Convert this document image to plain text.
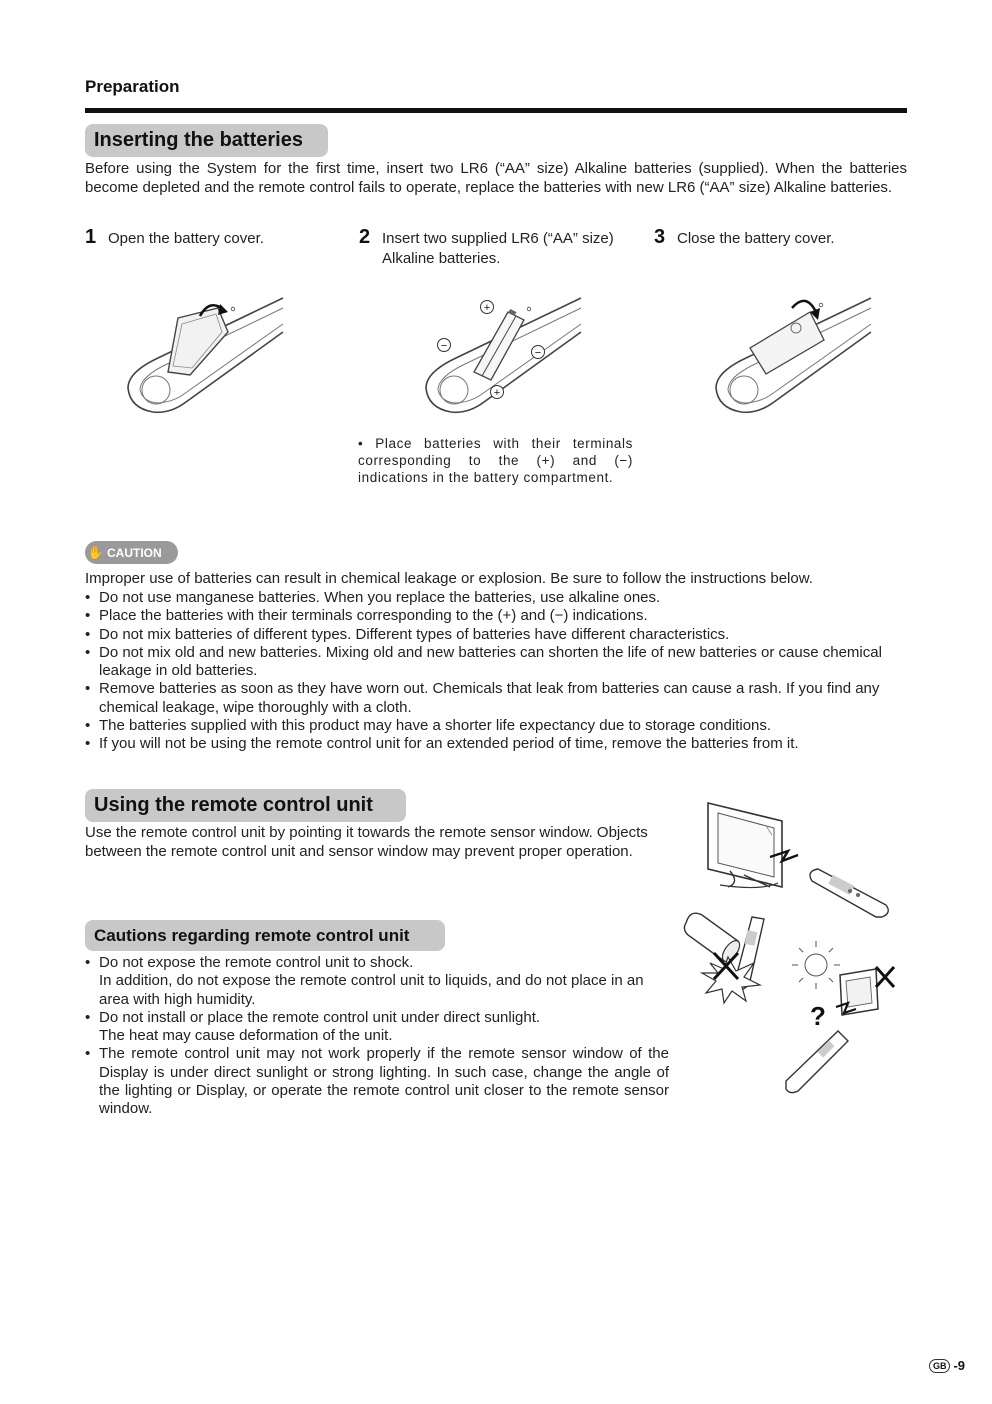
Preparation
Inserting the batteries
Before using the System for the first time, insert two LR6 (“AA” size) Alkaline batteries (supplied). When the batteries become depleted and the remote control fails to operate, replace the batteries with new LR6 (“AA” size) Alkaline batteries.
1 Open the battery cover.	2 Insert two supplied LR6 (“AA” size) Alkaline batteries.
3 Close the battery cover.
+
−
−
+
• Place batteries with their terminals corresponding to the (+) and (−) indications in the battery compartment.
✋ CAUTION
Improper use of batteries can result in chemical leakage or explosion. Be sure to follow the instructions below.
• Do not use manganese batteries. When you replace the batteries, use alkaline ones.
• Place the batteries with their terminals corresponding to the (+) and (−) indications.
• Do not mix batteries of different types. Different types of batteries have different characteristics.
• Do not mix old and new batteries. Mixing old and new batteries can shorten the life of new batteries or cause chemical leakage in old batteries.
• Remove batteries as soon as they have worn out. Chemicals that leak from batteries can cause a rash. If you find any chemical leakage, wipe thoroughly with a cloth.
• The batteries supplied with this product may have a shorter life expectancy due to storage conditions.
• If you will not be using the remote control unit for an extended period of time, remove the batteries from it.
Using the remote control unit
Use the remote control unit by pointing it towards the remote sensor window. Objects between the remote control unit and sensor window may prevent proper operation.
Cautions regarding remote control unit
• Do not expose the remote control unit to shock.
In addition, do not expose the remote control unit to liquids, and do not place in an area with high humidity.
• Do not install or place the remote control unit under direct sunlight.
The heat may cause deformation of the unit.
• The remote control unit may not work properly if the remote sensor window of the Display is under direct sunlight or strong lighting. In such case, change the angle of the lighting or Display, or operate the remote control unit closer to the remote sensor window.
?
GB -9
